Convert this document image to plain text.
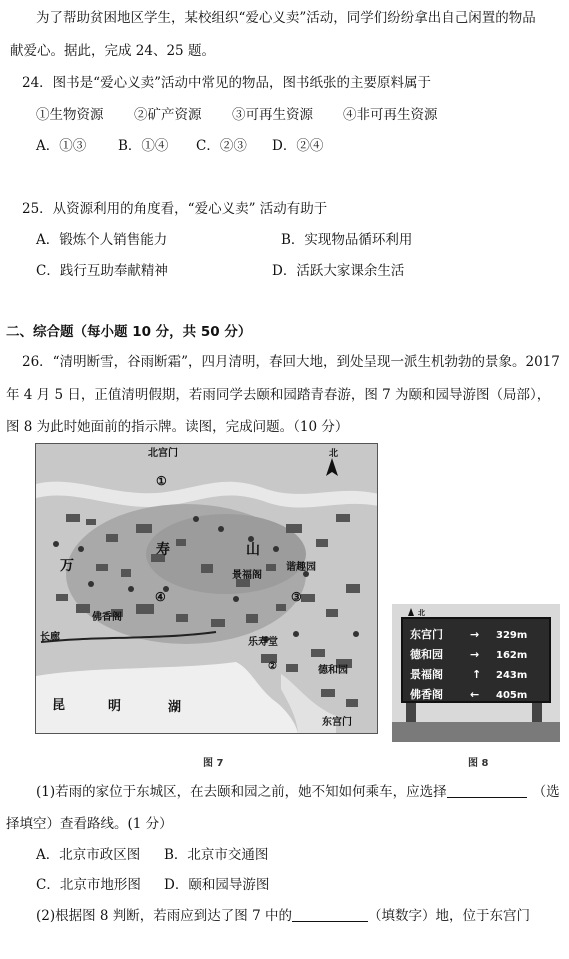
为了帮助贫困地区学生，某校组织“爱心义卖”活动，同学们纷纷拿出自己闲置的物品
献爱心。据此，完成 24、25 题。
24．图书是“爱心义卖”活动中常见的物品，图书纸张的主要原料属于
①生物资源 ②矿产资源 ③可再生资源 ④非可再生资源
A．①③ B．①④ C．②③ D．②④
25．从资源利用的角度看，“爱心义卖” 活动有助于
A．锻炼个人销售能力	B．实现物品循环利用
C．践行互助奉献精神	D．活跃大家课余生活
二、综合题（每小题 10 分，共 50 分）
26．“清明断雪，谷雨断霜”，四月清明，春回大地，到处呈现一派生机勃勃的景象。2017
年 4 月 5 日，正值清明假期，若雨同学去颐和园踏青春游，图 7 为颐和园导游图（局部），
图 8 为此时她面前的指示牌。读图，完成问题。（10 分）
北
北宫门
①
万
寿	山
景福阁
谐趣园
③
④
佛香阁
长廊	乐寿堂
②	德和园
东宫门
昆	明	湖
图 7
北
东宫门 → 329m
德和园 → 162m
景福阁	↑ 243m
佛香阁 ← 405m
图 8
(1)若雨的家位于东城区，在去颐和园之前，她不知如何乘车，应选择	（选
择填空）查看路线。(1 分）
A．北京市政区图 B．北京市交通图
C．北京市地形图 D．颐和园导游图
(2)根据图 8 判断，若雨应到达了图 7 中的	（填数字）地，位于东宫门
